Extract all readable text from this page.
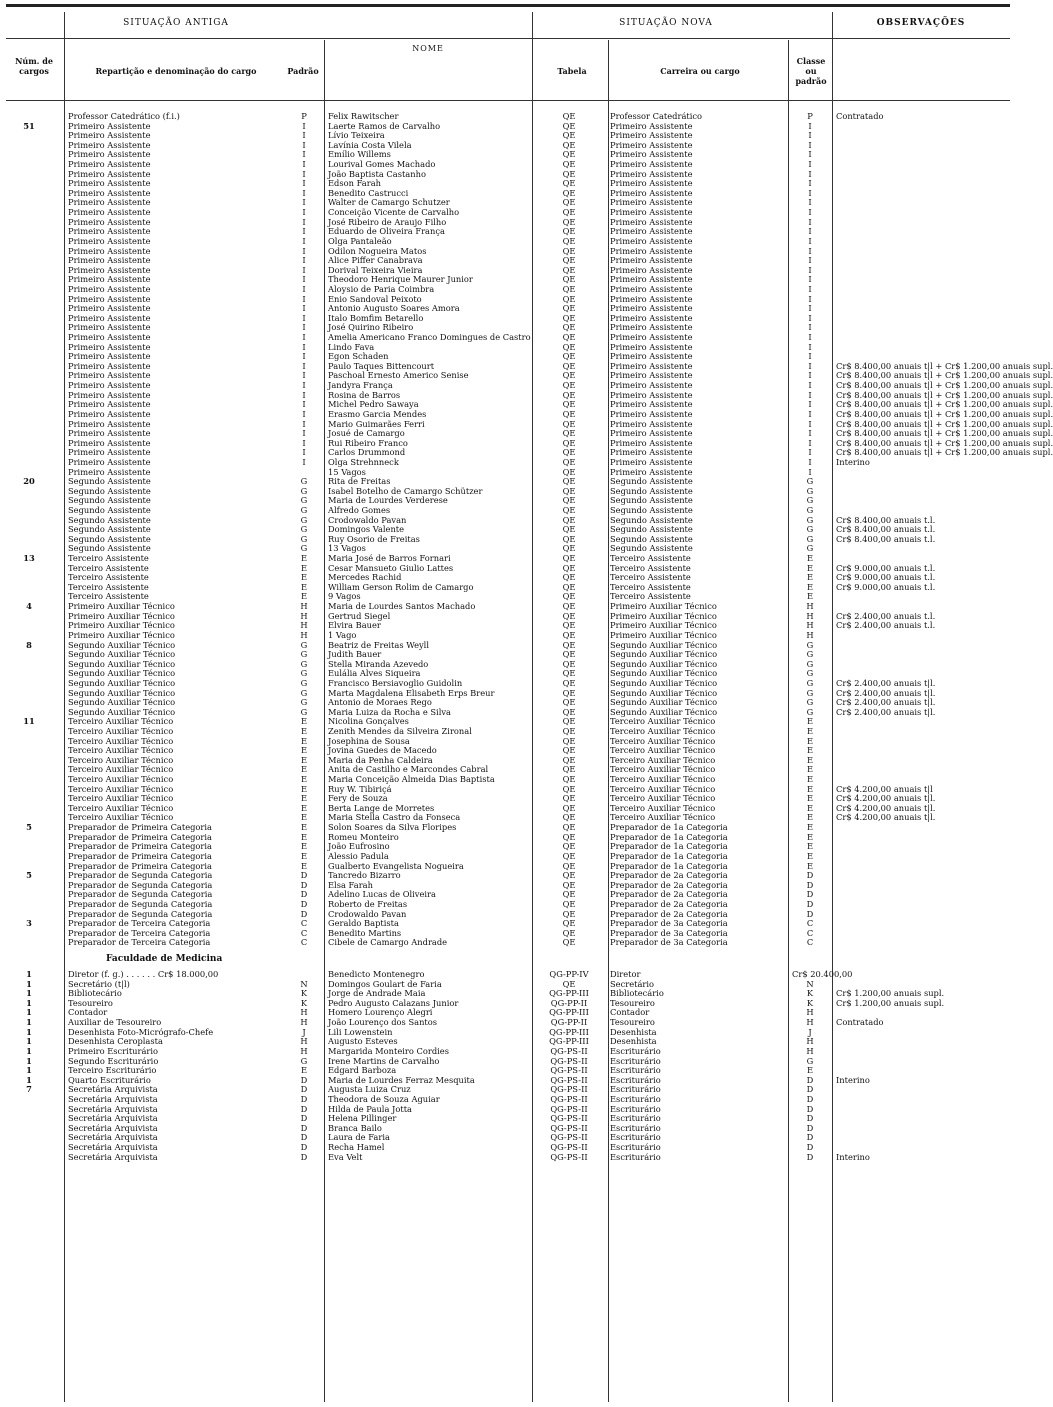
SITUAÇÃO ANTIGA	SITUAÇÃO NOVA	OBSERVAÇÕES
Núm. de cargos	Repartição e denominação do cargo	Padrão
NOME
Tabela	Carreira ou cargo
Classe ou padrão
Professor Catedrático (f.i.)	P	Felix Rawitscher	QE	Professor Catedrático	P	Contratado
51	Primeiro Assistente	I	Laerte Ramos de Carvalho	QE	Primeiro Assistente	I
Primeiro Assistente	I	Lívio Teixeira	QE	Primeiro Assistente	I
Primeiro Assistente	I	Lavínia Costa Vilela	QE	Primeiro Assistente	I
Primeiro Assistente	I	Emílio Willems	QE	Primeiro Assistente	I
Primeiro Assistente	I	Lourival Gomes Machado	QE	Primeiro Assistente	I
Primeiro Assistente	I	João Baptista Castanho	QE	Primeiro Assistente	I
Primeiro Assistente	I	Edson Farah	QE	Primeiro Assistente	I
Primeiro Assistente	I	Benedito Castrucci	QE	Primeiro Assistente	I
Primeiro Assistente	I	Walter de Camargo Schutzer	QE	Primeiro Assistente	I
Primeiro Assistente	I	Conceição Vicente de Carvalho	QE	Primeiro Assistente	I
Primeiro Assistente	I	José Ribeiro de Araujo Filho	QE	Primeiro Assistente	I
Primeiro Assistente	I	Eduardo de Oliveira França	QE	Primeiro Assistente	I
Primeiro Assistente	I	Olga Pantaleão	QE	Primeiro Assistente	I
Primeiro Assistente	I	Odilon Nogueira Matos	QE	Primeiro Assistente	I
Primeiro Assistente	I	Alice Piffer Canabrava	QE	Primeiro Assistente	I
Primeiro Assistente	I	Dorival Teixeira Vieira	QE	Primeiro Assistente	I
Primeiro Assistente	I	Theodoro Henrique Maurer Junior	QE	Primeiro Assistente	I
Primeiro Assistente	I	Aloysio de Paria Coimbra	QE	Primeiro Assistente	I
Primeiro Assistente	I	Enio Sandoval Peixoto	QE	Primeiro Assistente	I
Primeiro Assistente	I	Antonio Augusto Soares Amora	QE	Primeiro Assistente	I
Primeiro Assistente	I	Italo Bomfim Betarello	QE	Primeiro Assistente	I
Primeiro Assistente	I	José Quirino Ribeiro	QE	Primeiro Assistente	I
Primeiro Assistente	I	Amelia Americano Franco Domingues de Castro	QE	Primeiro Assistente	I
Primeiro Assistente	I	Lindo Fava	QE	Primeiro Assistente	I
Primeiro Assistente	I	Egon Schaden	QE	Primeiro Assistente	I
Primeiro Assistente	I	Paulo Taques Bittencourt	QE	Primeiro Assistente	I	Cr$ 8.400,00 anuais t|l + Cr$ 1.200,00 anuais supl.
Primeiro Assistente	I	Paschoal Ernesto Americo Senise	QE	Primeiro Assistente	I	Cr$ 8.400,00 anuais t|l + Cr$ 1.200,00 anuais supl.
Primeiro Assistente	I	Jandyra França	QE	Primeiro Assistente	I	Cr$ 8.400,00 anuais t|l + Cr$ 1.200,00 anuais supl.
Primeiro Assistente	I	Rosina de Barros	QE	Primeiro Assistente	I	Cr$ 8.400,00 anuais t|l + Cr$ 1.200,00 anuais supl.
Primeiro Assistente	I	Michel Pedro Sawaya	QE	Primeiro Assistente	I	Cr$ 8.400,00 anuais t|l + Cr$ 1.200,00 anuais supl.
Primeiro Assistente	I	Erasmo Garcia Mendes	QE	Primeiro Assistente	I	Cr$ 8.400,00 anuais t|l + Cr$ 1.200,00 anuais supl.
Primeiro Assistente	I	Mario Guimarães Ferri	QE	Primeiro Assistente	I	Cr$ 8.400,00 anuais t|l + Cr$ 1.200,00 anuais supl.
Primeiro Assistente	I	Josué de Camargo	QE	Primeiro Assistente	I	Cr$ 8.400,00 anuais t|l + Cr$ 1.200,00 anuais supl.
Primeiro Assistente	I	Rui Ribeiro Franco	QE	Primeiro Assistente	I	Cr$ 8.400,00 anuais t|l + Cr$ 1.200,00 anuais supl.
Primeiro Assistente	I	Carlos Drummond	QE	Primeiro Assistente	I	Cr$ 8.400,00 anuais t|l + Cr$ 1.200,00 anuais supl.
Primeiro Assistente	I	Olga Strehnneck	QE	Primeiro Assistente	I	Interino
Primeiro Assistente	15 Vagos	QE	Primeiro Assistente	I
20	Segundo Assistente	G	Rita de Freitas	QE	Segundo Assistente	G
Segundo Assistente	G	Isabel Botelho de Camargo Schützer	QE	Segundo Assistente	G
Segundo Assistente	G	Maria de Lourdes Verderese	QE	Segundo Assistente	G
Segundo Assistente	G	Alfredo Gomes	QE	Segundo Assistente	G
Segundo Assistente	G	Crodowaldo Pavan	QE	Segundo Assistente	G	Cr$ 8.400,00 anuais t.l.
Segundo Assistente	G	Domingos Valente	QE	Segundo Assistente	G	Cr$ 8.400,00 anuais t.l.
Segundo Assistente	G	Ruy Osorio de Freitas	QE	Segundo Assistente	G	Cr$ 8.400,00 anuais t.l.
Segundo Assistente	G	13 Vagos	QE	Segundo Assistente	G
13	Terceiro Assistente	E	Maria José de Barros Fornari	QE	Terceiro Assistente	E
Terceiro Assistente	E	Cesar Mansueto Giulio Lattes	QE	Terceiro Assistente	E	Cr$ 9.000,00 anuais t.l.
Terceiro Assistente	E	Mercedes Rachid	QE	Terceiro Assistente	E	Cr$ 9.000,00 anuais t.l.
Terceiro Assistente	E	William Gerson Rolim de Camargo	QE	Terceiro Assistente	E	Cr$ 9.000,00 anuais t.l.
Terceiro Assistente	E	9 Vagos	QE	Terceiro Assistente	E
4	Primeiro Auxiliar Técnico	H	Maria de Lourdes Santos Machado	QE	Primeiro Auxiliar Técnico	H
Primeiro Auxiliar Técnico	H	Gertrud Siegel	QE	Primeiro Auxiliar Técnico	H	Cr$ 2.400,00 anuais t.l.
Primeiro Auxiliar Técnico	H	Elvira Bauer	QE	Primeiro Auxiliar Técnico	H	Cr$ 2.400,00 anuais t.l.
Primeiro Auxiliar Técnico	H	1 Vago	QE	Primeiro Auxiliar Técnico	H
8	Segundo Auxiliar Técnico	G	Beatriz de Freitas Weyll	QE	Segundo Auxiliar Técnico	G
Segundo Auxiliar Técnico	G	Judith Bauer	QE	Segundo Auxiliar Técnico	G
Segundo Auxiliar Técnico	G	Stella Miranda Azevedo	QE	Segundo Auxiliar Técnico	G
Segundo Auxiliar Técnico	G	Eulália Alves Siqueira	QE	Segundo Auxiliar Técnico	G
Segundo Auxiliar Técnico	G	Francisco Bersiavoglio Guidolin	QE	Segundo Auxiliar Técnico	G	Cr$ 2.400,00 anuais t|l.
Segundo Auxiliar Técnico	G	Marta Magdalena Elisabeth Erps Breur	QE	Segundo Auxiliar Técnico	G	Cr$ 2.400,00 anuais t|l.
Segundo Auxiliar Técnico	G	Antonio de Moraes Rego	QE	Segundo Auxiliar Técnico	G	Cr$ 2.400,00 anuais t|l.
Segundo Auxiliar Técnico	G	Maria Luiza da Rocha e Silva	QE	Segundo Auxiliar Técnico	G	Cr$ 2.400,00 anuais t|l.
11	Terceiro Auxiliar Técnico	E	Nicolina Gonçalves	QE	Terceiro Auxiliar Técnico	E
Terceiro Auxiliar Técnico	E	Zenith Mendes da Silveira Zironal	QE	Terceiro Auxiliar Técnico	E
Terceiro Auxiliar Técnico	E	Josephina de Sousa	QE	Terceiro Auxiliar Técnico	E
Terceiro Auxiliar Técnico	E	Jovina Guedes de Macedo	QE	Terceiro Auxiliar Técnico	E
Terceiro Auxiliar Técnico	E	Maria da Penha Caldeira	QE	Terceiro Auxiliar Técnico	E
Terceiro Auxiliar Técnico	E	Anita de Castilho e Marcondes Cabral	QE	Terceiro Auxiliar Técnico	E
Terceiro Auxiliar Técnico	E	Maria Conceição Almeida Dias Baptista	QE	Terceiro Auxiliar Técnico	E
Terceiro Auxiliar Técnico	E	Ruy W. Tibiriçá	QE	Terceiro Auxiliar Técnico	E	Cr$ 4.200,00 anuais t|l
Terceiro Auxiliar Técnico	E	Fery de Souza	QE	Terceiro Auxiliar Técnico	E	Cr$ 4.200,00 anuais t|l.
Terceiro Auxiliar Técnico	E	Berta Lange de Morretes	QE	Terceiro Auxiliar Técnico	E	Cr$ 4.200,00 anuais t|l.
Terceiro Auxiliar Técnico	E	Maria Stella Castro da Fonseca	QE	Terceiro Auxiliar Técnico	E	Cr$ 4.200,00 anuais t|l.
5	Preparador de Primeira Categoria	E	Solon Soares da Silva Floripes	QE	Preparador de 1a Categoria	E
Preparador de Primeira Categoria	E	Romeu Monteiro	QE	Preparador de 1a Categoria	E
Preparador de Primeira Categoria	E	João Eufrosino	QE	Preparador de 1a Categoria	E
Preparador de Primeira Categoria	E	Alessio Padula	QE	Preparador de 1a Categoria	E
Preparador de Primeira Categoria	E	Gualberto Evangelista Nogueira	QE	Preparador de 1a Categoria	E
5	Preparador de Segunda Categoria	D	Tancredo Bizarro	QE	Preparador de 2a Categoria	D
Preparador de Segunda Categoria	D	Elsa Farah	QE	Preparador de 2a Categoria	D
Preparador de Segunda Categoria	D	Adelino Lucas de Oliveira	QE	Preparador de 2a Categoria	D
Preparador de Segunda Categoria	D	Roberto de Freitas	QE	Preparador de 2a Categoria	D
Preparador de Segunda Categoria	D	Crodowaldo Pavan	QE	Preparador de 2a Categoria	D
3	Preparador de Terceira Categoria	C	Geraldo Baptista	QE	Preparador de 3a Categoria	C
Preparador de Terceira Categoria	C	Benedito Martins	QE	Preparador de 3a Categoria	C
Preparador de Terceira Categoria	C	Cibele de Camargo Andrade	QE	Preparador de 3a Categoria	C
Faculdade de Medicina
1	Diretor (f. g.) . . . . . . Cr$ 18.000,00	Benedicto Montenegro	QG-PP-IV	Diretor	Cr$ 20.400,00
1	Secretário (t|l)	N	Domingos Goulart de Faria	QE	Secretário	N
1	Bibliotecário	K	Jorge de Andrade Maia	QG-PP-III	Bibliotecário	K	Cr$ 1.200,00 anuais supl.
1	Tesoureiro	K	Pedro Augusto Calazans Junior	QG-PP-II	Tesoureiro	K	Cr$ 1.200,00 anuais supl.
1	Contador	H	Homero Lourenço Alegri	QG-PP-III	Contador	H
1	Auxiliar de Tesoureiro	H	João Lourenço dos Santos	QG-PP-II	Tesoureiro	H	Contratado
1	Desenhista Foto-Micrógrafo-Chefe	J	Lili Lowenstein	QG-PP-III	Desenhista	J
1	Desenhista Ceroplasta	H	Augusto Esteves	QG-PP-III	Desenhista	H
1	Primeiro Escriturário	H	Margarida Monteiro Cordies	QG-PS-II	Escriturário	H
1	Segundo Escriturário	G	Irene Martins de Carvalho	QG-PS-II	Escriturário	G
1	Terceiro Escriturário	E	Edgard Barboza	QG-PS-II	Escriturário	E
1	Quarto Escriturário	D	Maria de Lourdes Ferraz Mesquita	QG-PS-II	Escriturário	D	Interino
7	Secretária Arquivista	D	Augusta Luiza Cruz	QG-PS-II	Escriturário	D
Secretária Arquivista	D	Theodora de Souza Aguiar	QG-PS-II	Escriturário	D
Secretária Arquivista	D	Hilda de Paula Jotta	QG-PS-II	Escriturário	D
Secretária Arquivista	D	Helena Pillinger	QG-PS-II	Escriturário	D
Secretária Arquivista	D	Branca Bailo	QG-PS-II	Escriturário	D
Secretária Arquivista	D	Laura de Faria	QG-PS-II	Escriturário	D
Secretária Arquivista	D	Recha Hamel	QG-PS-II	Escriturário	D
Secretária Arquivista	D	Eva Velt	QG-PS-II	Escriturário	D	Interino
